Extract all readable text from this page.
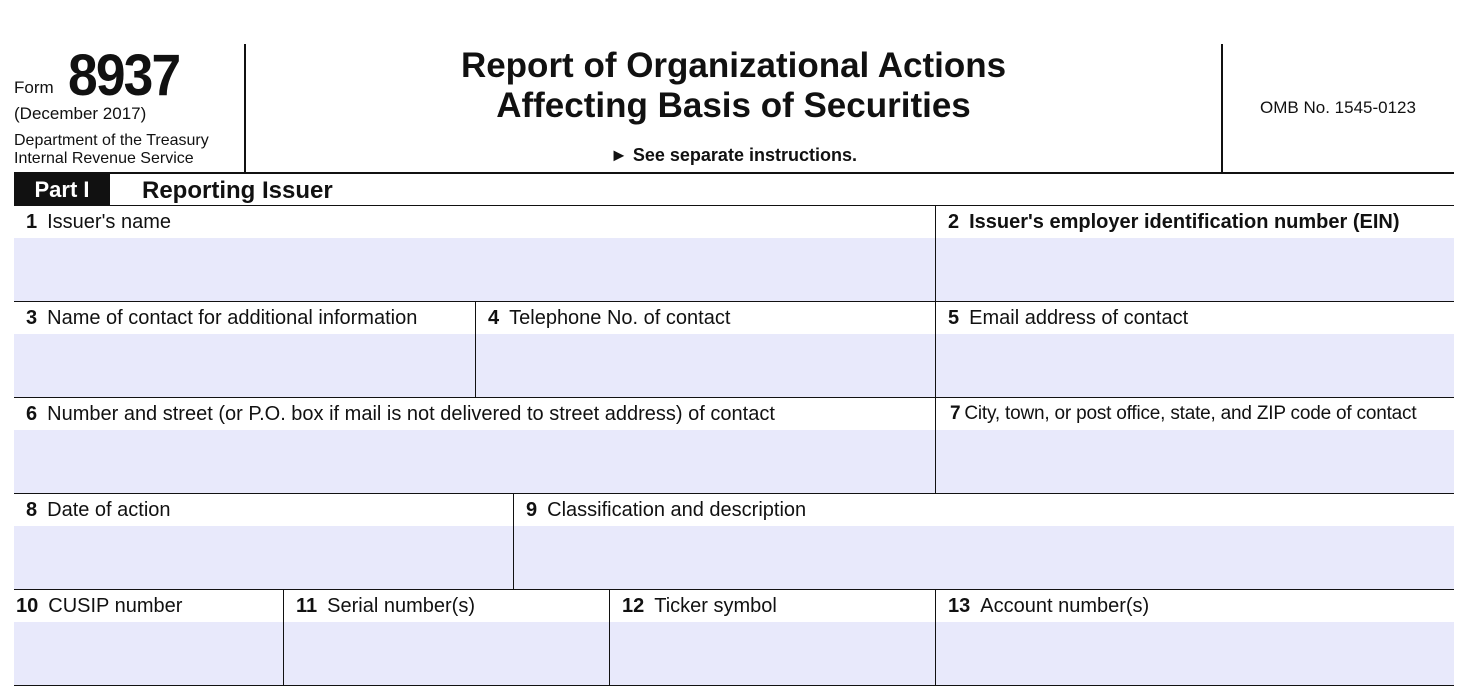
Form 8937
(December 2017)
Department of the Treasury
Internal Revenue Service
Report of Organizational Actions
Affecting Basis of Securities
► See separate instructions.
OMB No. 1545-0123
Part I	Reporting Issuer
1 Issuer's name	2 Issuer's employer identification number (EIN)
3 Name of contact for additional information	4 Telephone No. of contact	5 Email address of contact
6 Number and street (or P.O. box if mail is not delivered to street address) of contact	7 City, town, or post office, state, and ZIP code of contact
8 Date of action	9 Classification and description
10 CUSIP number	11 Serial number(s)	12 Ticker symbol	13 Account number(s)
